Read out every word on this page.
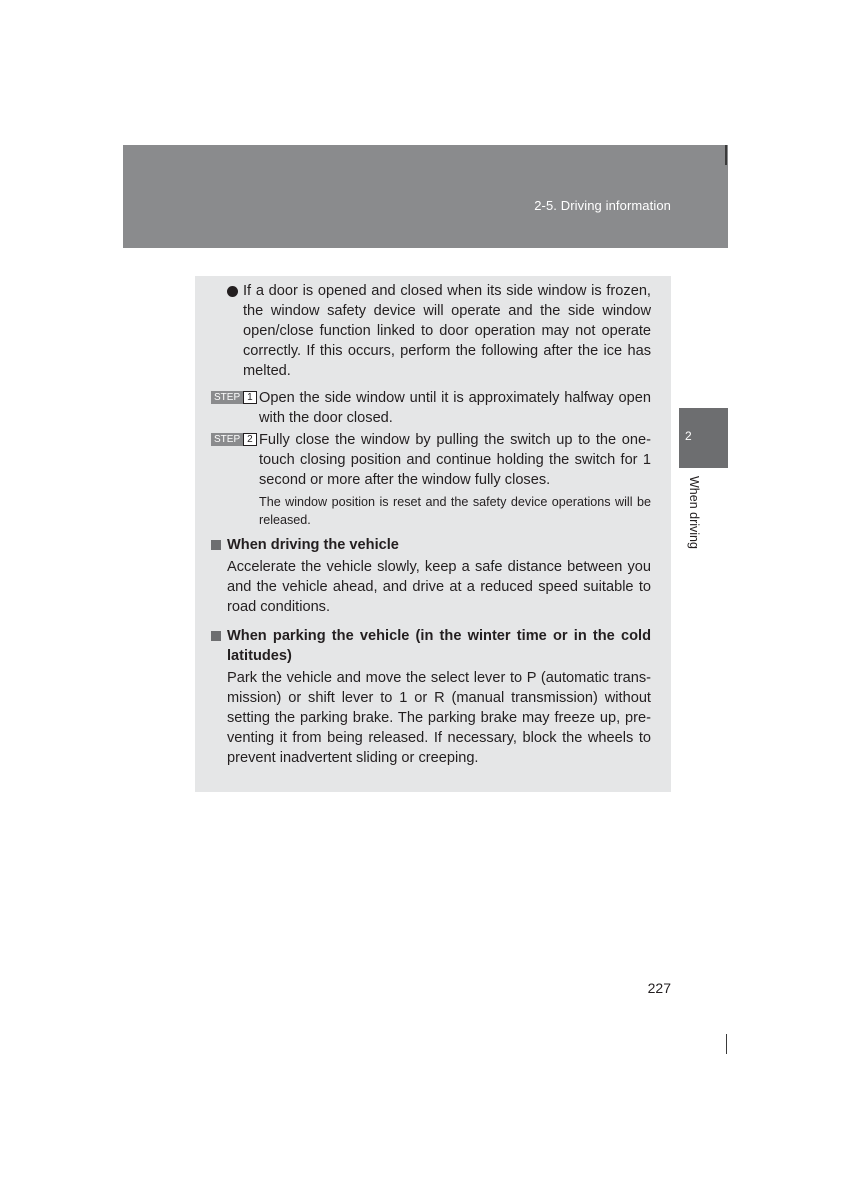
2-5. Driving information
2
When driving

If a door is opened and closed when its side window is frozen, the window safety device will operate and the side window open/close function linked to door operation may not operate correctly. If this occurs, perform the following after the ice has melted.

STEP 1 Open the side window until it is approximately halfway open with the door closed.

STEP 2 Fully close the window by pulling the switch up to the one-touch closing position and continue holding the switch for 1 second or more after the window fully closes.

The window position is reset and the safety device operations will be released.

When driving the vehicle

Accelerate the vehicle slowly, keep a safe distance between you and the vehicle ahead, and drive at a reduced speed suitable to road conditions.

When parking the vehicle (in the winter time or in the cold latitudes)

Park the vehicle and move the select lever to P (automatic trans-mission) or shift lever to 1 or R (manual transmission) without setting the parking brake. The parking brake may freeze up, pre-venting it from being released. If necessary, block the wheels to prevent inadvertent sliding or creeping.

227
